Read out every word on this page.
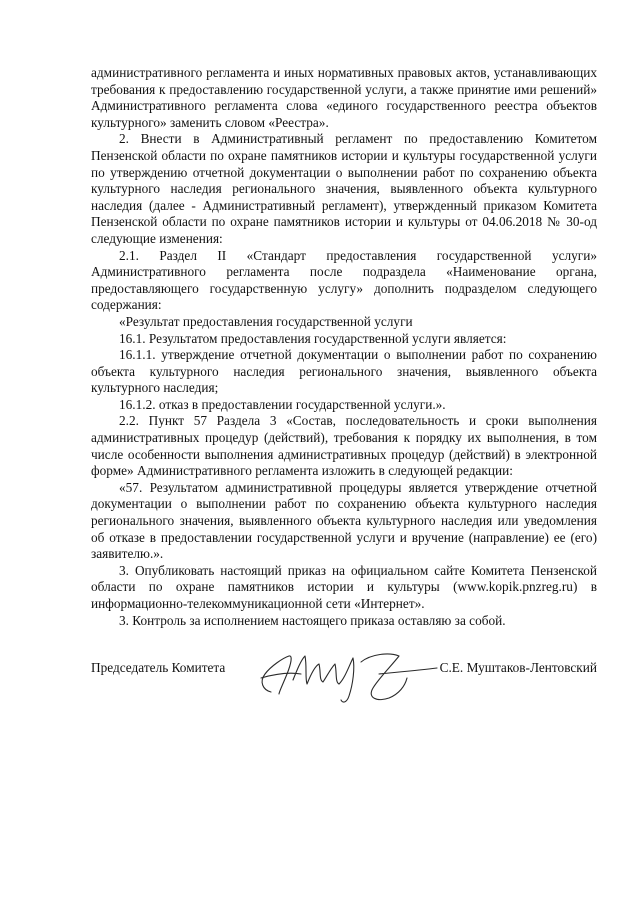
административного регламента и иных нормативных правовых актов, устанавливающих требования к предоставлению государственной услуги, а также принятие ими решений» Административного регламента слова «единого государственного реестра объектов культурного» заменить словом «Реестра».

2. Внести в Административный регламент по предоставлению Комитетом Пензенской области по охране памятников истории и культуры государственной услуги по утверждению отчетной документации о выполнении работ по сохранению объекта культурного наследия регионального значения, выявленного объекта культурного наследия (далее - Административный регламент), утвержденный приказом Комитета Пензенской области по охране памятников истории и культуры от 04.06.2018 № 30-од следующие изменения:

2.1. Раздел II «Стандарт предоставления государственной услуги» Административного регламента после подраздела «Наименование органа, предоставляющего государственную услугу» дополнить подразделом следующего содержания:

«Результат предоставления государственной услуги

16.1. Результатом предоставления государственной услуги является:

16.1.1. утверждение отчетной документации о выполнении работ по сохранению объекта культурного наследия регионального значения, выявленного объекта культурного наследия;

16.1.2. отказ в предоставлении государственной услуги.».

2.2. Пункт 57 Раздела 3 «Состав, последовательность и сроки выполнения административных процедур (действий), требования к порядку их выполнения, в том числе особенности выполнения административных процедур (действий) в электронной форме» Административного регламента изложить в следующей редакции:

«57. Результатом административной процедуры является утверждение отчетной документации о выполнении работ по сохранению объекта культурного наследия регионального значения, выявленного объекта культурного наследия или уведомления об отказе в предоставлении государственной услуги и вручение (направление) ее (его) заявителю.».

3. Опубликовать настоящий приказ на официальном сайте Комитета Пензенской области по охране памятников истории и культуры (www.kopik.pnzreg.ru) в информационно-телекоммуникационной сети «Интернет».

3. Контроль за исполнением настоящего приказа оставляю за собой.

Председатель Комитета	С.Е. Муштаков-Лентовский
